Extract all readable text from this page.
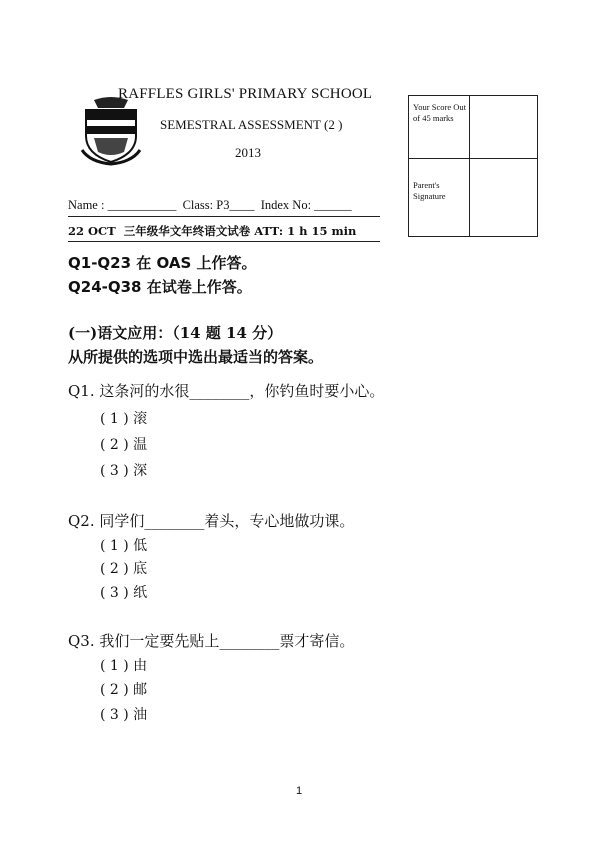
RAFFLES GIRLS' PRIMARY SCHOOL
SEMESTRAL ASSESSMENT (2 )
2013
Your Score Out of 45 marks
Parent's Signature
Name : ___________  Class: P3____  Index No: ______
22 OCT  三年级华文年终语文试卷 ATT: 1 h 15 min
Q1-Q23 在 OAS 上作答。
Q24-Q38 在试卷上作答。
(一)语文应用：（14 题 14 分）
从所提供的选项中选出最适当的答案。
Q1. 这条河的水很________，你钓鱼时要小心。
( 1 ) 滚
( 2 ) 温
( 3 ) 深
Q2. 同学们________着头，专心地做功课。
( 1 ) 低
( 2 ) 底
( 3 ) 纸
Q3. 我们一定要先贴上________票才寄信。
( 1 ) 由
( 2 ) 邮
( 3 ) 油
1
